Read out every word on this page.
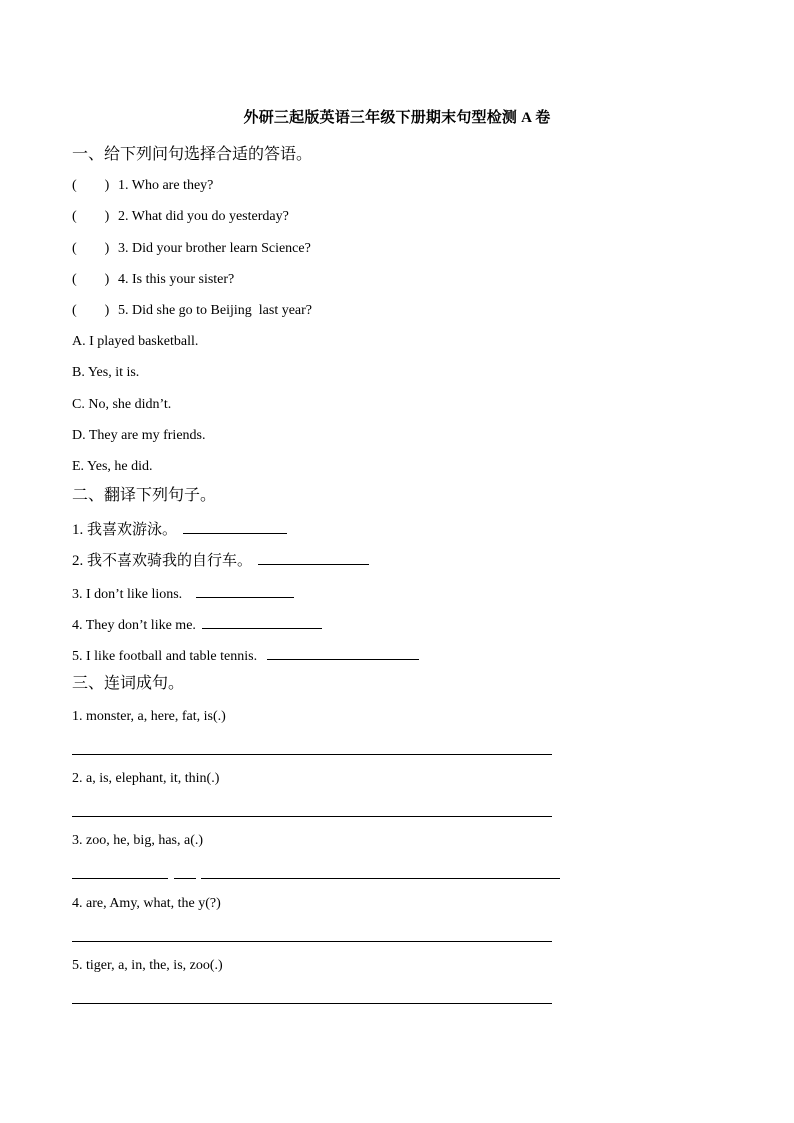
外研三起版英语三年级下册期末句型检测 A 卷
一、给下列问句选择合适的答语。
(        ) 1. Who are they?
(        ) 2. What did you do yesterday?
(        ) 3. Did your brother learn Science?
(        ) 4. Is this your sister?
(        ) 5. Did she go to Beijing  last year?
A. I played basketball.
B. Yes, it is.
C. No, she didn’t.
D. They are my friends.
E. Yes, he did.
二、翻译下列句子。
1. 我喜欢游泳。
2. 我不喜欢骑我的自行车。
3. I don’t like lions.
4. They don’t like me.
5. I like football and table tennis.
三、连词成句。
1. monster, a, here, fat, is(.)
2. a, is, elephant, it, thin(.)
3. zoo, he, big, has, a(.)
4. are, Amy, what, the y(?)
5. tiger, a, in, the, is, zoo(.)
